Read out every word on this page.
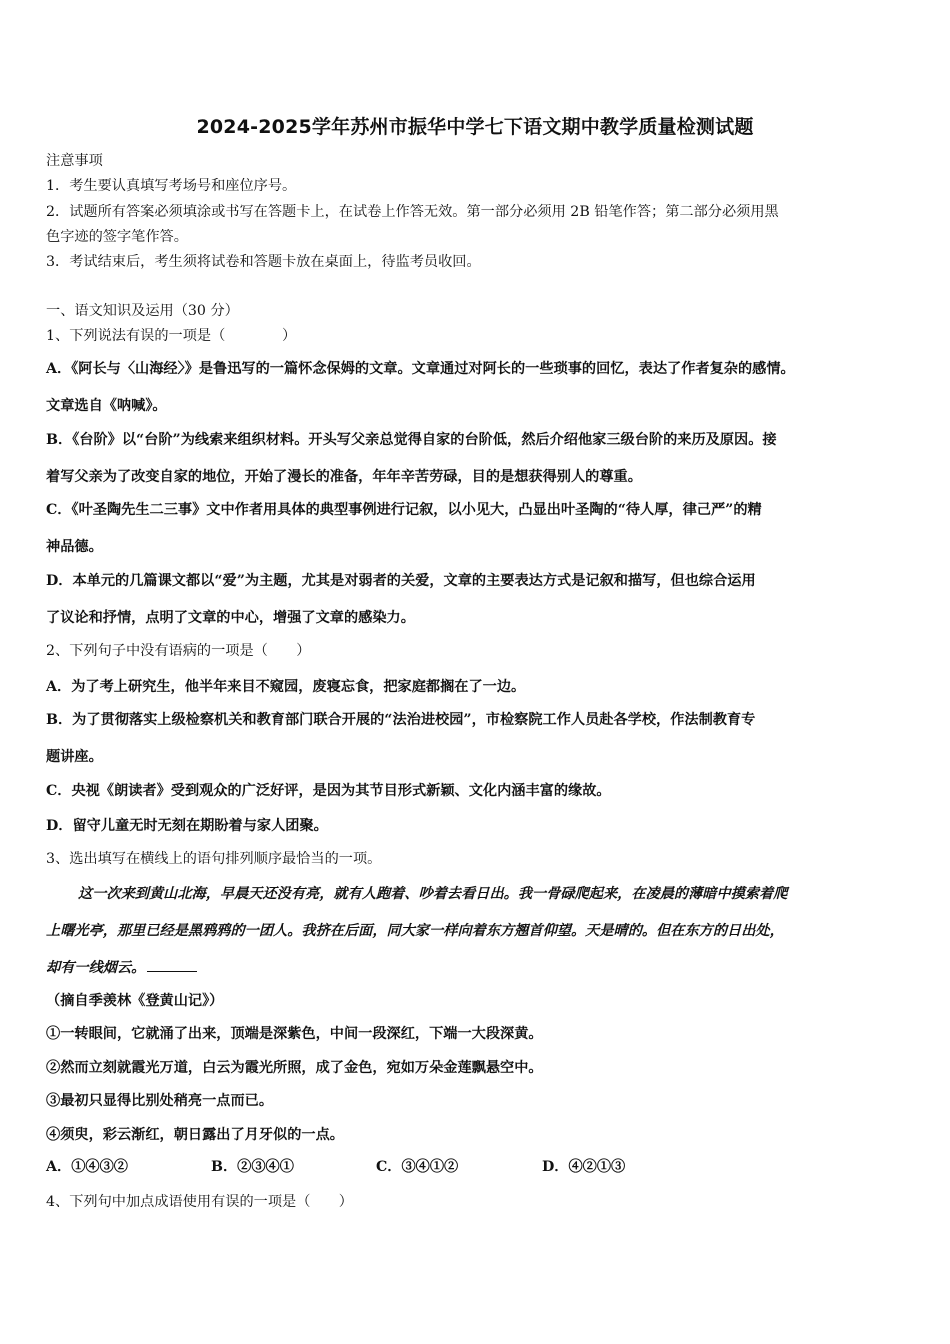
2024-2025学年苏州市振华中学七下语文期中教学质量检测试题
注意事项
1．考生要认真填写考场号和座位序号。
2．试题所有答案必须填涂或书写在答题卡上，在试卷上作答无效。第一部分必须用 2B 铅笔作答；第二部分必须用黑
色字迹的签字笔作答。
3．考试结束后，考生须将试卷和答题卡放在桌面上，待监考员收回。
一、语文知识及运用（30 分）
1、下列说法有误的一项是（　　　　）
A．《阿长与〈山海经〉》是鲁迅写的一篇怀念保姆的文章。文章通过对阿长的一些琐事的回忆，表达了作者复杂的感情。
文章选自《呐喊》。
B．《台阶》以“台阶”为线索来组织材料。开头写父亲总觉得自家的台阶低，然后介绍他家三级台阶的来历及原因。接
着写父亲为了改变自家的地位，开始了漫长的准备，年年辛苦劳碌，目的是想获得别人的尊重。
C．《叶圣陶先生二三事》文中作者用具体的典型事例进行记叙，以小见大，凸显出叶圣陶的“待人厚，律己严”的精
神品德。
D．本单元的几篇课文都以“爱”为主题，尤其是对弱者的关爱，文章的主要表达方式是记叙和描写，但也综合运用
了议论和抒情，点明了文章的中心，增强了文章的感染力。
2、下列句子中没有语病的一项是（　　）
A．为了考上研究生，他半年来目不窥园，废寝忘食，把家庭都搁在了一边。
B．为了贯彻落实上级检察机关和教育部门联合开展的“法治进校园”，市检察院工作人员赴各学校，作法制教育专
题讲座。
C．央视《朗读者》受到观众的广泛好评，是因为其节目形式新颖、文化内涵丰富的缘故。
D．留守儿童无时无刻在期盼着与家人团聚。
3、选出填写在横线上的语句排列顺序最恰当的一项。
这一次来到黄山北海，早晨天还没有亮，就有人跑着、吵着去看日出。我一骨碌爬起来，在凌晨的薄暗中摸索着爬
上曙光亭，那里已经是黑鸦鸦的一团人。我挤在后面，同大家一样向着东方翘首仰望。天是晴的。但在东方的日出处，
却有一线烟云。
（摘自季羡林《登黄山记》）
①一转眼间，它就涌了出来，顶端是深紫色，中间一段深红，下端一大段深黄。
②然而立刻就霞光万道，白云为霞光所照，成了金色，宛如万朵金莲飘悬空中。
③最初只显得比别处稍亮一点而已。
④须臾，彩云渐红，朝日露出了月牙似的一点。
A．①④③②	B．②③④①	C．③④①②	D．④②①③
4、下列句中加点成语使用有误的一项是（　　）
